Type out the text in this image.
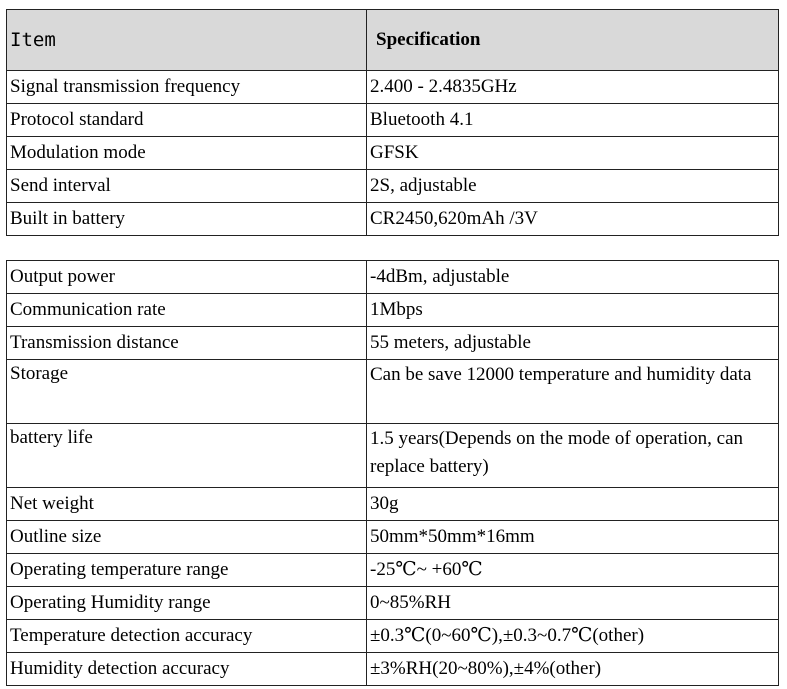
Item	Specification
Signal transmission frequency	2.400 - 2.4835GHz
Protocol standard	Bluetooth 4.1
Modulation mode	GFSK
Send interval	2S, adjustable
Built in battery	CR2450,620mAh /3V
Output power	-4dBm, adjustable
Communication rate	1Mbps
Transmission distance	55 meters, adjustable
Storage	Can be save 12000 temperature and humidity data
battery life	1.5 years(Depends on the mode of operation, can replace battery)
Net weight	30g
Outline size	50mm*50mm*16mm
Operating temperature range	-25℃~ +60℃
Operating Humidity range	0~85%RH
Temperature detection accuracy	±0.3℃(0~60℃),±0.3~0.7℃(other)
Humidity detection accuracy	±3%RH(20~80%),±4%(other)
